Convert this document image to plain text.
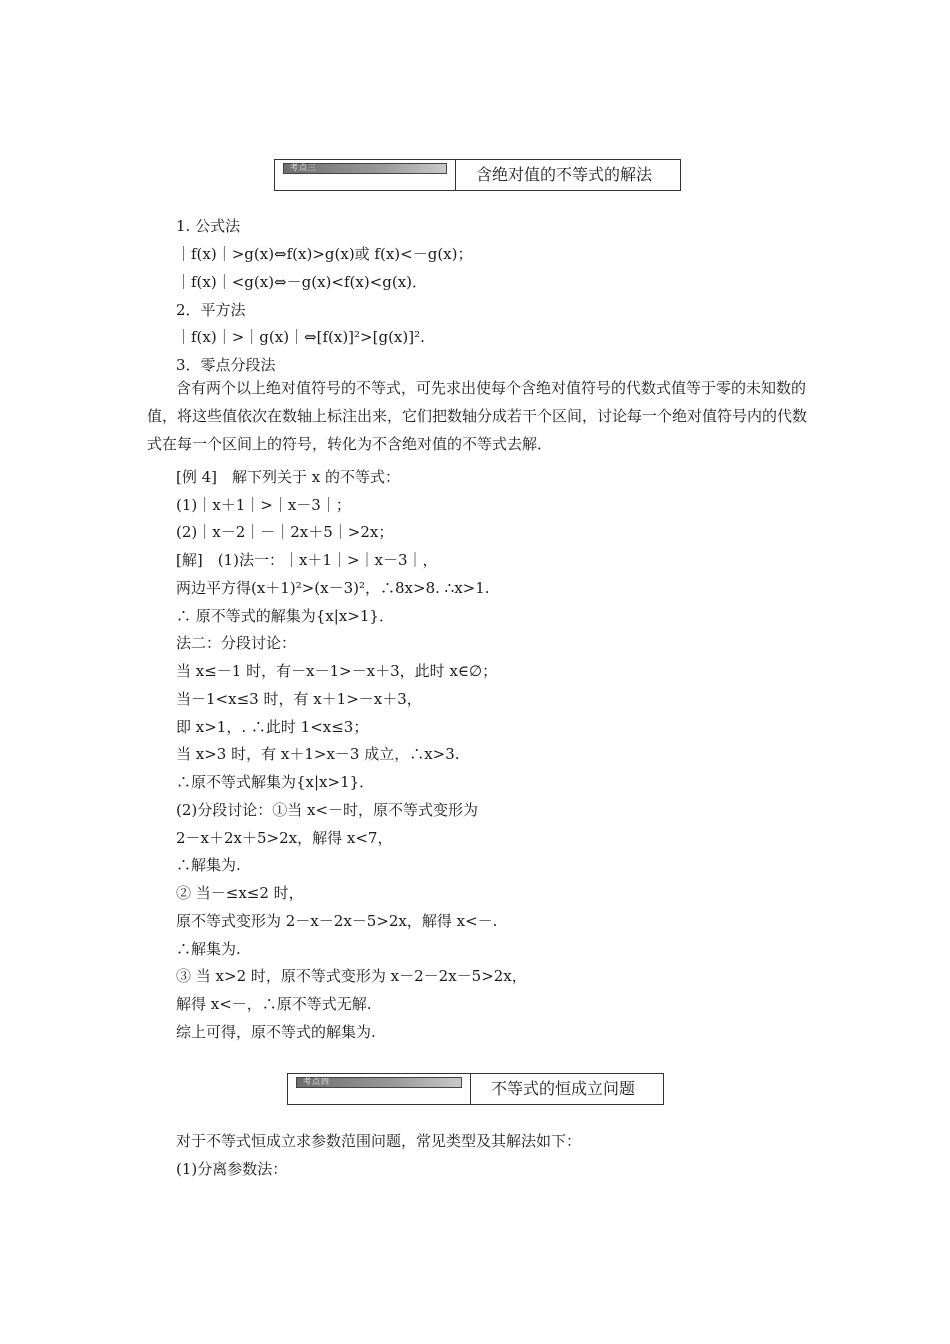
考点三	含绝对值的不等式的解法
1. 公式法
｜f(x)｜>g(x)⇔f(x)>g(x)或 f(x)<－g(x)；
｜f(x)｜<g(x)⇔－g(x)<f(x)<g(x)．
2．平方法
｜f(x)｜>｜g(x)｜⇔[f(x)]²>[g(x)]².
3．零点分段法
含有两个以上绝对值符号的不等式，可先求出使每个含绝对值符号的代数式值等于零的未知数的值，将这些值依次在数轴上标注出来，它们把数轴分成若干个区间，讨论每一个绝对值符号内的代数式在每一个区间上的符号，转化为不含绝对值的不等式去解．
[例 4]　解下列关于 x 的不等式：
(1)｜x＋1｜>｜x－3｜；
(2)｜x－2｜－｜2x＋5｜>2x；
[解]　(1)法一：｜x＋1｜>｜x－3｜，
两边平方得(x＋1)²>(x－3)²，∴8x>8. ∴x>1.
∴ 原不等式的解集为{x|x>1}．
法二：分段讨论：
当 x≤－1 时，有－x－1>－x＋3，此时 x∈∅；
当－1<x≤3 时，有 x＋1>－x＋3，
即 x>1，. ∴此时 1<x≤3；
当 x>3 时，有 x＋1>x－3 成立，∴x>3.
∴原不等式解集为{x|x>1}．
(2)分段讨论：①当 x<－时，原不等式变形为
2－x＋2x＋5>2x，解得 x<7，
∴解集为.
② 当－≤x≤2 时，
原不等式变形为 2－x－2x－5>2x，解得 x<－.
∴解集为.
③ 当 x>2 时，原不等式变形为 x－2－2x－5>2x，
解得 x<－，∴原不等式无解.
综上可得，原不等式的解集为.
考点四	不等式的恒成立问题
对于不等式恒成立求参数范围问题，常见类型及其解法如下：
(1)分离参数法：
